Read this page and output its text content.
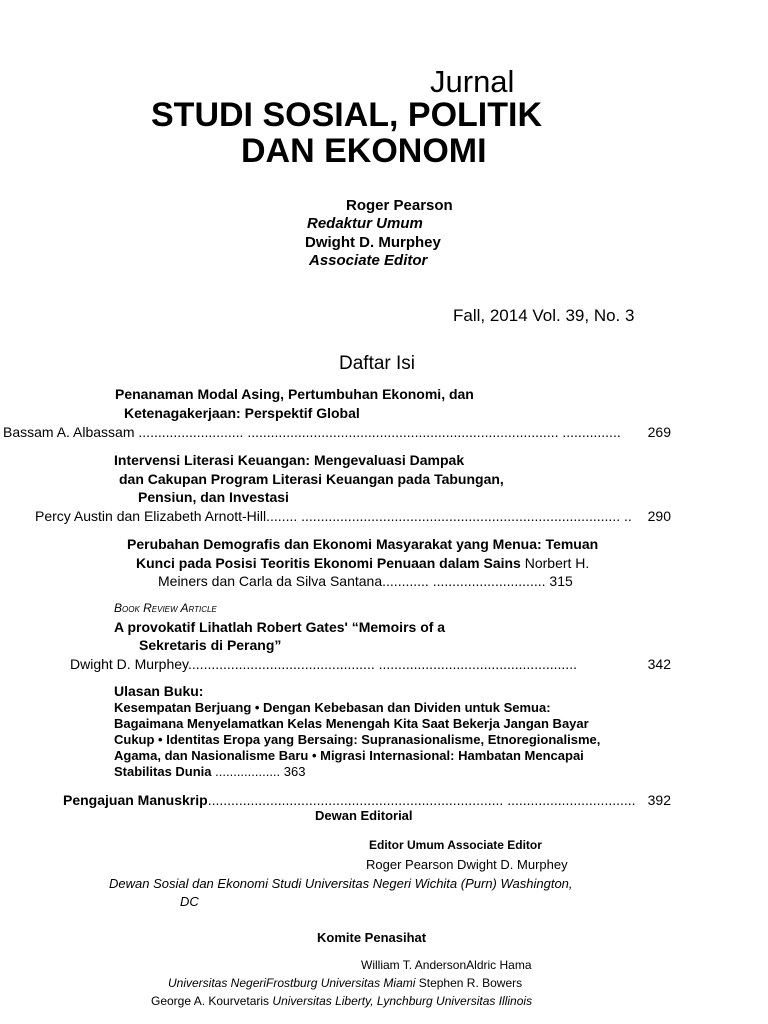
Jurnal
STUDI SOSIAL, POLITIK
DAN EKONOMI
Roger Pearson
Redaktur Umum
Dwight D. Murphey
Associate Editor
Fall, 2014 Vol. 39, No. 3
Daftar Isi
Penanaman Modal Asing, Pertumbuhan Ekonomi, dan
Ketenagakerjaan: Perspektif Global
Bassam A. Albassam ........................... ................................................................................ ............... 269
Intervensi Literasi Keuangan: Mengevaluasi Dampak
dan Cakupan Program Literasi Keuangan pada Tabungan,
Pensiun, dan Investasi
Percy Austin dan Elizabeth Arnott-Hill........ .................................................................................. .. 290
Perubahan Demografis dan Ekonomi Masyarakat yang Menua: Temuan
Kunci pada Posisi Teoritis Ekonomi Penuaan dalam Sains Norbert H.
Meiners dan Carla da Silva Santana............ ............................. 315
Book Review Article
A provokatif Lihatlah Robert Gates' “Memoirs of a
Sekretaris di Perang”
Dwight D. Murphey................................................ ...................................................	342
Ulasan Buku:
Kesempatan Berjuang • Dengan Kebebasan dan Dividen untuk Semua:
Bagaimana Menyelamatkan Kelas Menengah Kita Saat Bekerja Jangan Bayar
Cukup • Identitas Eropa yang Bersaing: Supranasionalisme, Etnoregionalisme,
Agama, dan Nasionalisme Baru • Migrasi Internasional: Hambatan Mencapai
Stabilitas Dunia .................. 363
Pengajuan Manuskrip............................................................................ ................................. 392
Dewan Editorial
Editor Umum Associate Editor
Roger Pearson Dwight D. Murphey
Dewan Sosial dan Ekonomi Studi Universitas Negeri Wichita (Purn) Washington,
DC
Komite Penasihat
William T. AndersonAldric Hama
Universitas NegeriFrostburg Universitas Miami Stephen R. Bowers
George A. Kourvetaris Universitas Liberty, Lynchburg Universitas Illinois
